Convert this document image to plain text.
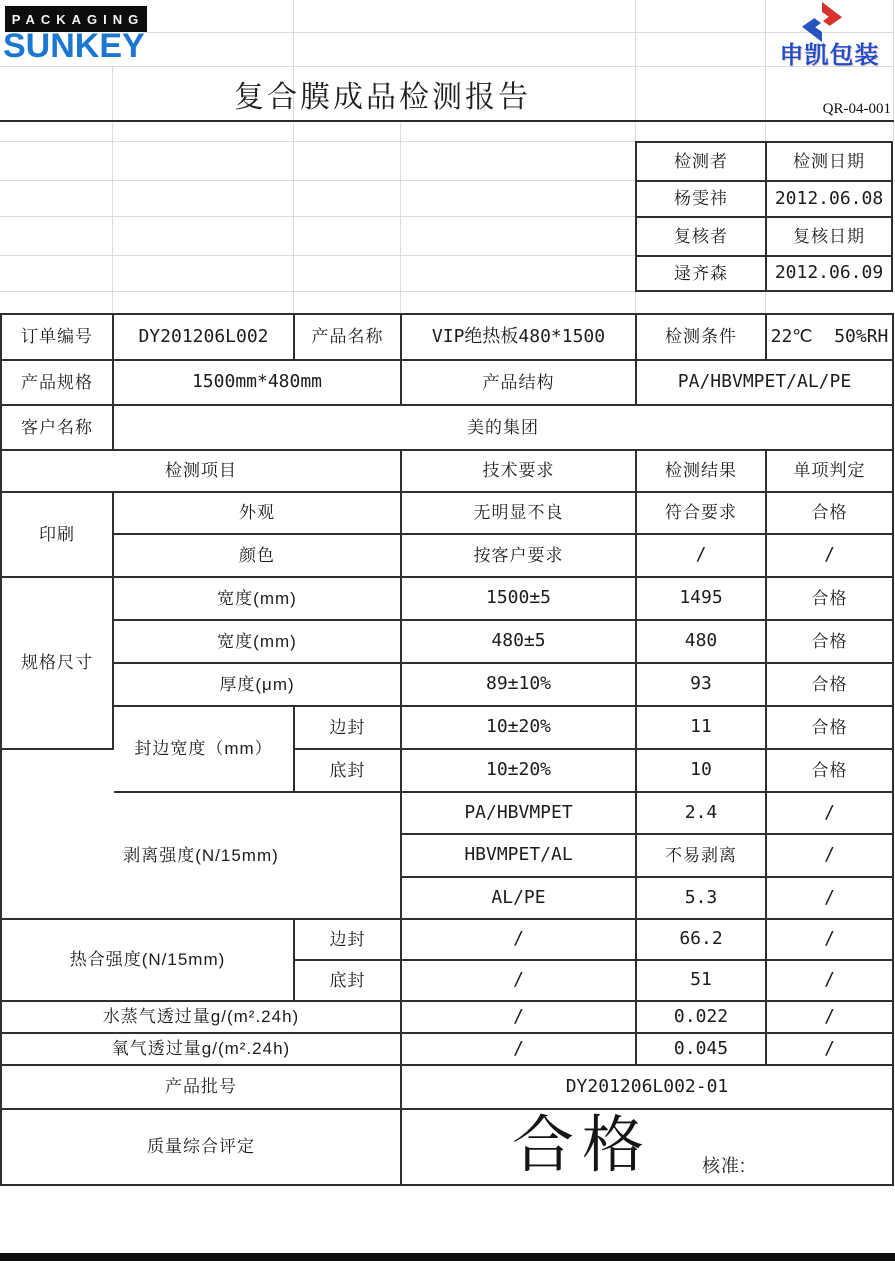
PACKAGING
SUNKEY	申凯包装
复合膜成品检测报告	QR-04-001
检测者	检测日期
杨雯祎	2012.06.08
复核者	复核日期
逯齐森	2012.06.09
订单编号	DY201206L002	产品名称	VIP绝热板480*1500	检测条件	22℃  50%RH
产品规格	1500mm*480mm	产品结构	PA/HBVMPET/AL/PE
客户名称	美的集团
检测项目	技术要求	检测结果	单项判定
印刷
外观	无明显不良	符合要求	合格
颜色	按客户要求	/	/
规格尺寸
宽度(mm)	1500±5	1495	合格
宽度(mm)	480±5	480	合格
厚度(μm)	89±10%	93	合格
封边宽度（mm）
边封	10±20%	11	合格
底封	10±20%	10	合格
剥离强度(N/15mm)
PA/HBVMPET	2.4	/
HBVMPET/AL	不易剥离	/
AL/PE	5.3	/
热合强度(N/15mm)
边封	/	66.2	/
底封	/	51	/
水蒸气透过量g/(m².24h)	/	0.022	/
氧气透过量g/(m².24h)	/	0.045	/
产品批号	DY201206L002-01
质量综合评定	合格	核准:
